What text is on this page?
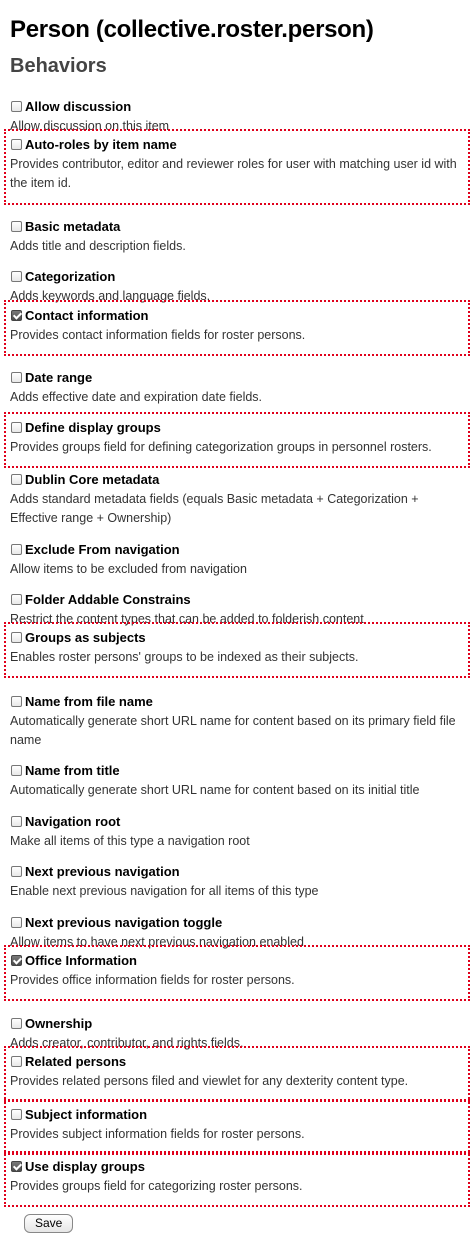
Person (collective.roster.person)
Behaviors
Allow discussion
Allow discussion on this item
Auto-roles by item name
Provides contributor, editor and reviewer roles for user with matching user id with the item id.
Basic metadata
Adds title and description fields.
Categorization
Adds keywords and language fields.
Contact information
Provides contact information fields for roster persons.
Date range
Adds effective date and expiration date fields.
Define display groups
Provides groups field for defining categorization groups in personnel rosters.
Dublin Core metadata
Adds standard metadata fields (equals Basic metadata + Categorization + Effective range + Ownership)
Exclude From navigation
Allow items to be excluded from navigation
Folder Addable Constrains
Restrict the content types that can be added to folderish content
Groups as subjects
Enables roster persons' groups to be indexed as their subjects.
Name from file name
Automatically generate short URL name for content based on its primary field file name
Name from title
Automatically generate short URL name for content based on its initial title
Navigation root
Make all items of this type a navigation root
Next previous navigation
Enable next previous navigation for all items of this type
Next previous navigation toggle
Allow items to have next previous navigation enabled
Office Information
Provides office information fields for roster persons.
Ownership
Adds creator, contributor, and rights fields.
Related persons
Provides related persons filed and viewlet for any dexterity content type.
Subject information
Provides subject information fields for roster persons.
Use display groups
Provides groups field for categorizing roster persons.
Save
